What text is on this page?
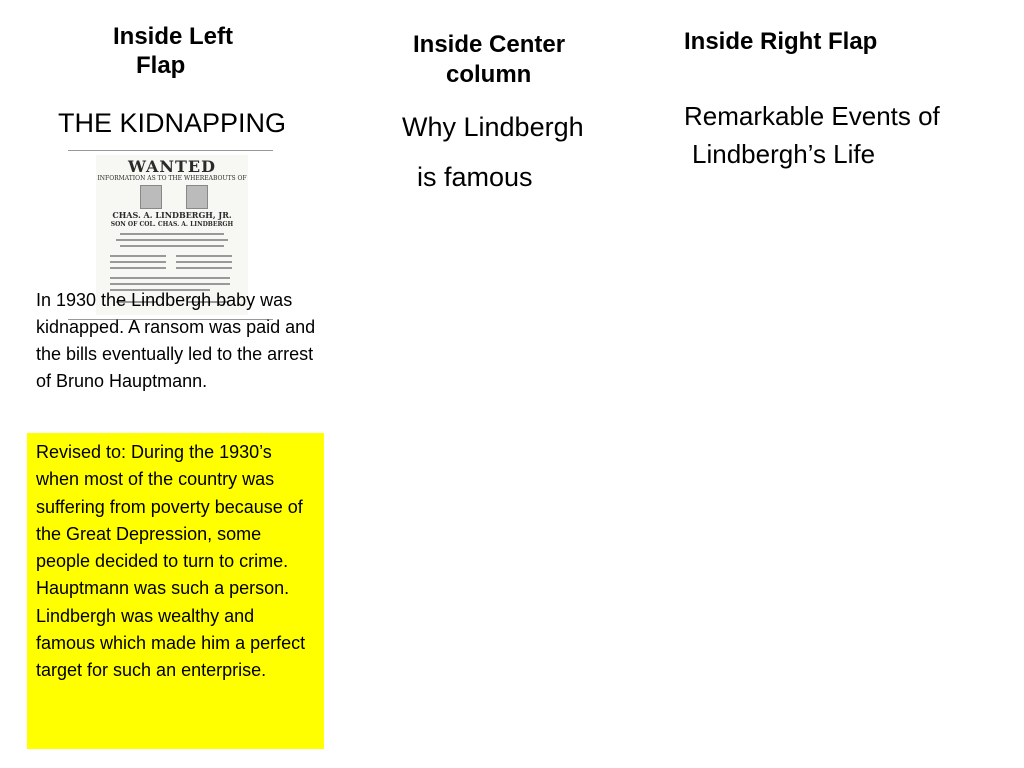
Inside Left
Flap
Inside Center
column
Inside Right Flap
THE KIDNAPPING	Why Lindbergh
is famous
Remarkable Events of
Lindbergh’s Life
WANTED
INFORMATION AS TO THE WHEREABOUTS OF
CHAS. A. LINDBERGH, JR.
SON OF COL. CHAS. A. LINDBERGH
In 1930 the Lindbergh baby was kidnapped. A ransom was paid and the bills eventually led to the arrest of Bruno Hauptmann.
Revised to: During the 1930’s when most of the country was suffering from poverty because of the Great Depression, some people decided to turn to crime. Hauptmann was such a person. Lindbergh was wealthy and famous which made him a perfect target for such an enterprise.
